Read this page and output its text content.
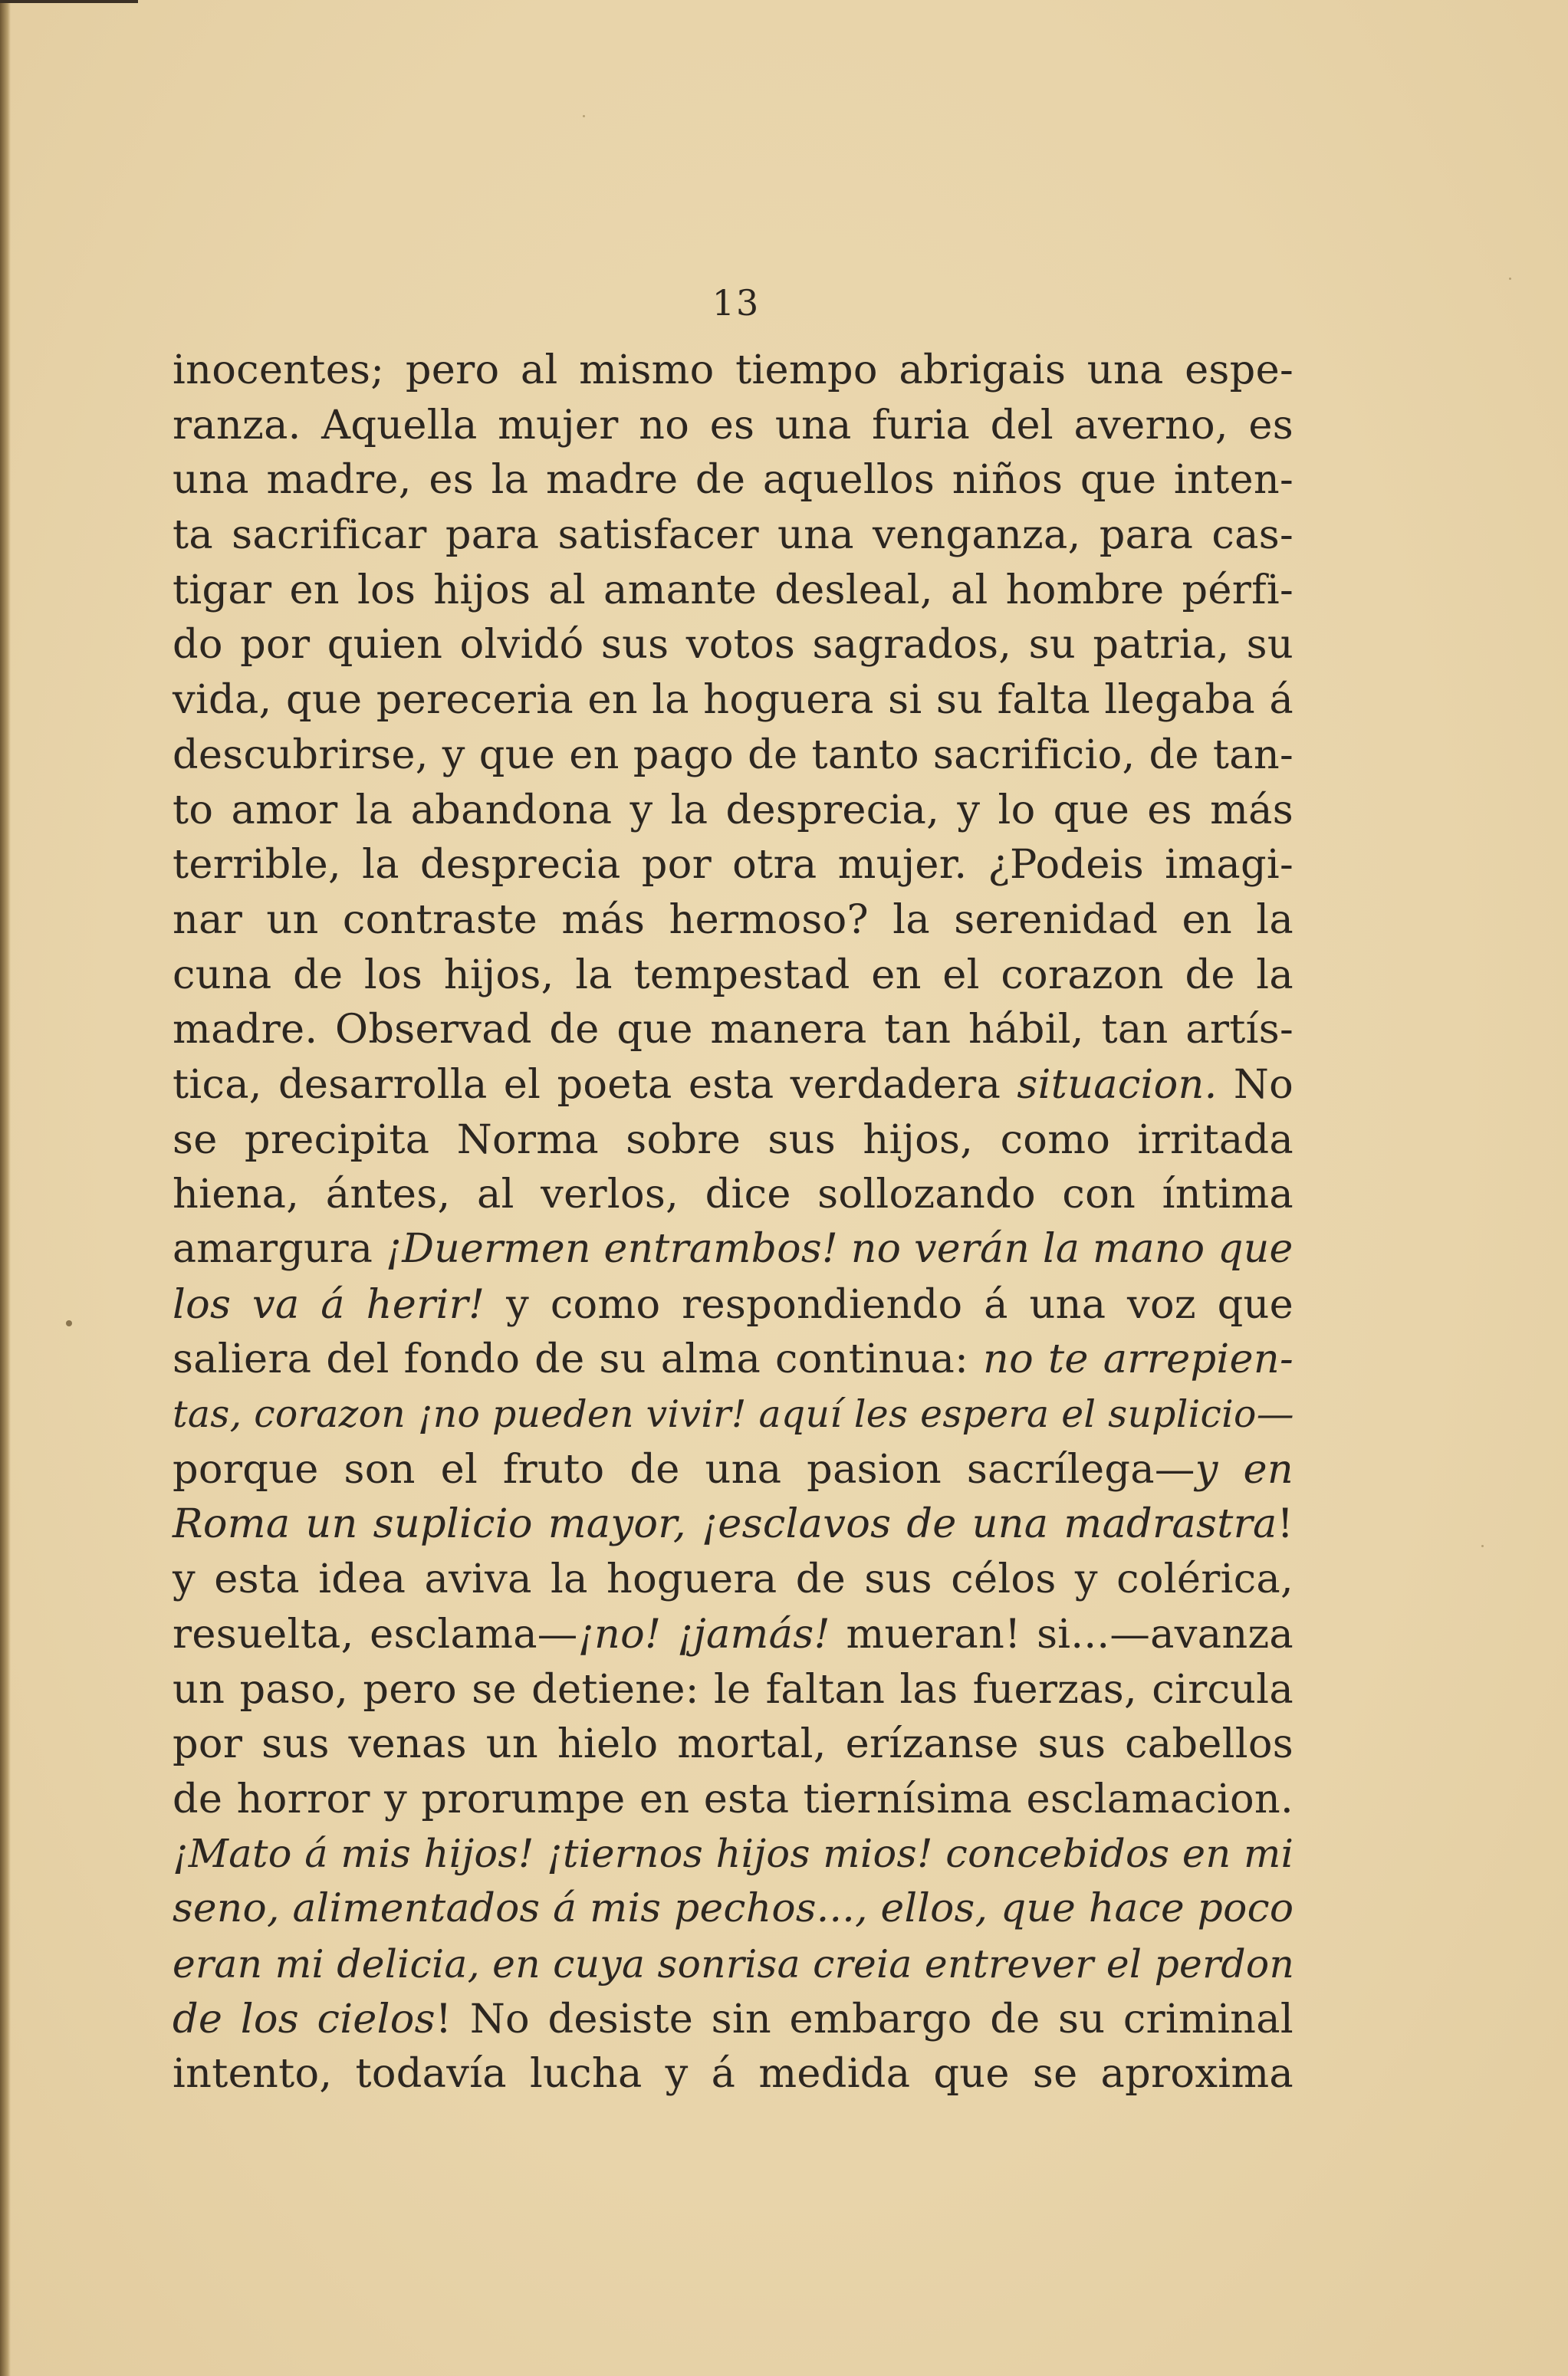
13
inocentes; pero al mismo tiempo abrigais una espe-
ranza. Aquella mujer no es una furia del averno, es
una madre, es la madre de aquellos niños que inten-
ta sacrificar para satisfacer una venganza, para cas-
tigar en los hijos al amante desleal, al hombre pérfi-
do por quien olvidó sus votos sagrados, su patria, su
vida, que pereceria en la hoguera si su falta llegaba á
descubrirse, y que en pago de tanto sacrificio, de tan-
to amor la abandona y la desprecia, y lo que es más
terrible, la desprecia por otra mujer. ¿Podeis imagi-
nar un contraste más hermoso? la serenidad en la
cuna de los hijos, la tempestad en el corazon de la
madre. Observad de que manera tan hábil, tan artís-
tica, desarrolla el poeta esta verdadera situacion. No
se precipita Norma sobre sus hijos, como irritada
hiena, ántes, al verlos, dice sollozando con íntima
amargura ¡Duermen entrambos! no verán la mano que
los va á herir! y como respondiendo á una voz que
saliera del fondo de su alma continua: no te arrepien-
tas, corazon ¡no pueden vivir! aquí les espera el suplicio—
porque son el fruto de una pasion sacrílega—y en
Roma un suplicio mayor, ¡esclavos de una madrastra!
y esta idea aviva la hoguera de sus célos y colérica,
resuelta, esclama—¡no! ¡jamás! mueran! si...—avanza
un paso, pero se detiene: le faltan las fuerzas, circula
por sus venas un hielo mortal, erízanse sus cabellos
de horror y prorumpe en esta tiernísima esclamacion.
¡Mato á mis hijos! ¡tiernos hijos mios! concebidos en mi
seno, alimentados á mis pechos..., ellos, que hace poco
eran mi delicia, en cuya sonrisa creia entrever el perdon
de los cielos! No desiste sin embargo de su criminal
intento, todavía lucha y á medida que se aproxima
